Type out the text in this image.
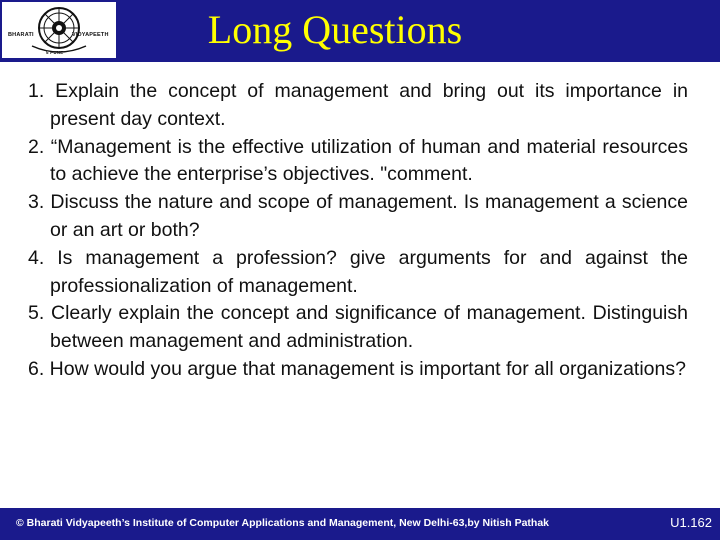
BHARATI	VIDYAPEETH
5 PUNE
Long Questions

1. Explain the concept of management and bring out its importance in present day context.

2. “Management is the effective utilization of human and material resources to achieve the enterprise’s objectives. "comment.

3. Discuss the nature and scope of management. Is management a science or an art or both?

4. Is management a profession? give arguments for and against the professionalization of management.

5. Clearly explain the concept and significance of management. Distinguish between management and administration.

6. How would you argue that management is important for all organizations?

© Bharati Vidyapeeth’s Institute of Computer Applications and Management, New Delhi-63,by Nitish Pathak	U1.162
